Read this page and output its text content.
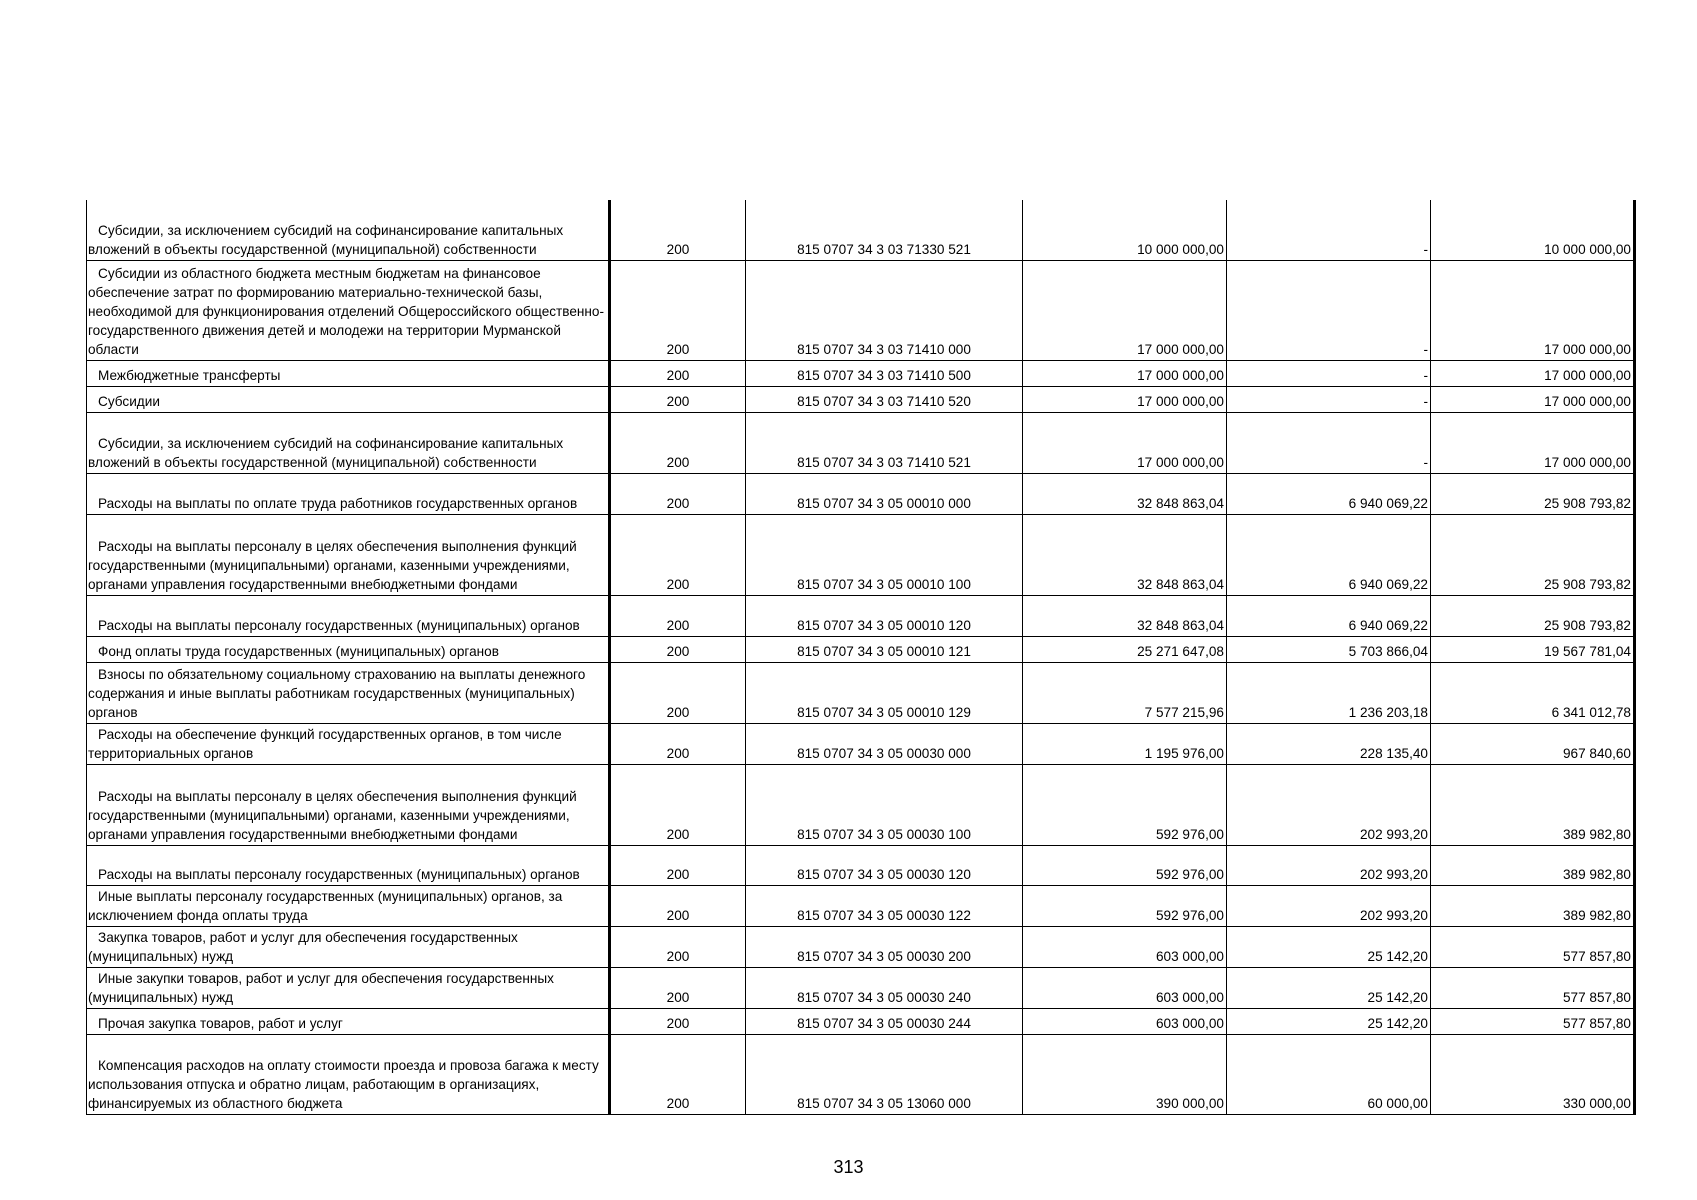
Субсидии, за исключением субсидий на софинансирование капитальных вложений в объекты государственной (муниципальной) собственности	200	815 0707 34 3 03 71330 521	10 000 000,00	-	10 000 000,00
Субсидии из областного бюджета местным бюджетам на финансовое обеспечение затрат по формированию материально-технической базы, необходимой для функционирования отделений Общероссийского общественно-государственного движения детей и молодежи на территории Мурманской области	200	815 0707 34 3 03 71410 000	17 000 000,00	-	17 000 000,00
Межбюджетные трансферты	200	815 0707 34 3 03 71410 500	17 000 000,00	-	17 000 000,00
Субсидии	200	815 0707 34 3 03 71410 520	17 000 000,00	-	17 000 000,00
Субсидии, за исключением субсидий на софинансирование капитальных вложений в объекты государственной (муниципальной) собственности	200	815 0707 34 3 03 71410 521	17 000 000,00	-	17 000 000,00
Расходы на выплаты по оплате труда работников государственных органов	200	815 0707 34 3 05 00010 000	32 848 863,04	6 940 069,22	25 908 793,82
Расходы на выплаты персоналу в целях обеспечения выполнения функций государственными (муниципальными) органами, казенными учреждениями, органами управления государственными внебюджетными фондами	200	815 0707 34 3 05 00010 100	32 848 863,04	6 940 069,22	25 908 793,82
Расходы на выплаты персоналу государственных (муниципальных) органов	200	815 0707 34 3 05 00010 120	32 848 863,04	6 940 069,22	25 908 793,82
Фонд оплаты труда государственных (муниципальных) органов	200	815 0707 34 3 05 00010 121	25 271 647,08	5 703 866,04	19 567 781,04
Взносы по обязательному социальному страхованию на выплаты денежного содержания и иные выплаты работникам государственных (муниципальных) органов	200	815 0707 34 3 05 00010 129	7 577 215,96	1 236 203,18	6 341 012,78
Расходы на обеспечение функций государственных органов, в том числе территориальных органов	200	815 0707 34 3 05 00030 000	1 195 976,00	228 135,40	967 840,60
Расходы на выплаты персоналу в целях обеспечения выполнения функций государственными (муниципальными) органами, казенными учреждениями, органами управления государственными внебюджетными фондами	200	815 0707 34 3 05 00030 100	592 976,00	202 993,20	389 982,80
Расходы на выплаты персоналу государственных (муниципальных) органов	200	815 0707 34 3 05 00030 120	592 976,00	202 993,20	389 982,80
Иные выплаты персоналу государственных (муниципальных) органов, за исключением фонда оплаты труда	200	815 0707 34 3 05 00030 122	592 976,00	202 993,20	389 982,80
Закупка товаров, работ и услуг для обеспечения государственных (муниципальных) нужд	200	815 0707 34 3 05 00030 200	603 000,00	25 142,20	577 857,80
Иные закупки товаров, работ и услуг для обеспечения государственных (муниципальных) нужд	200	815 0707 34 3 05 00030 240	603 000,00	25 142,20	577 857,80
Прочая закупка товаров, работ и услуг	200	815 0707 34 3 05 00030 244	603 000,00	25 142,20	577 857,80
Компенсация расходов на оплату стоимости проезда и провоза багажа к месту использования отпуска и обратно лицам, работающим в организациях, финансируемых из областного бюджета	200	815 0707 34 3 05 13060 000	390 000,00	60 000,00	330 000,00
313
